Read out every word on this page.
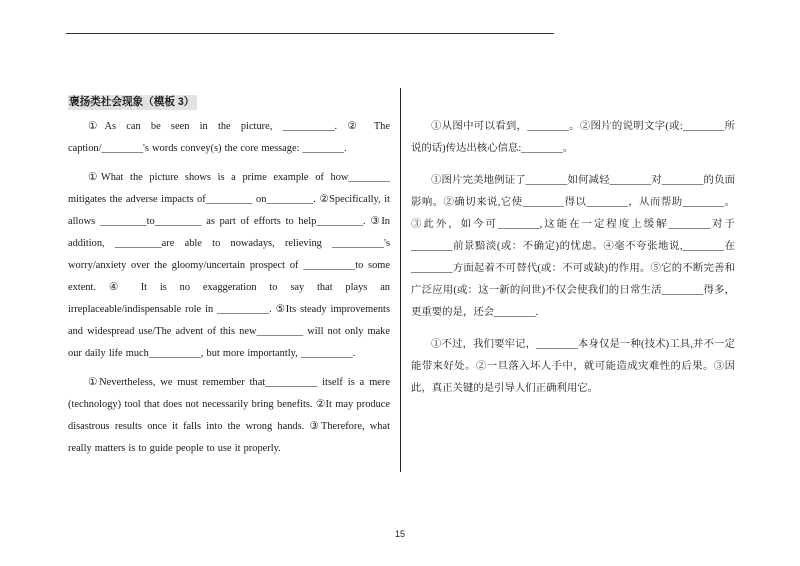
褒扬类社会现象（模板 3）

①As can be seen in the picture, __________. ② The caption/________'s words convey(s) the core message: ________.

①What the picture shows is a prime example of how________ mitigates the adverse impacts of_________ on_________. ②Specifically, it allows _________to_________ as part of efforts to help_________. ③In addition, _________are able to nowadays, relieving __________'s worry/anxiety over the gloomy/uncertain prospect of __________to some extent. ④ It is no exaggeration to say that plays an irreplaceable/indispensable role in __________. ⑤Its steady improvements and widespread use/The advent of this new_________ will not only make our daily life much__________, but more importantly, __________.

①Nevertheless, we must remember that__________ itself is a mere (technology) tool that does not necessarily bring benefits. ②It may produce disastrous results once it falls into the wrong hands. ③Therefore, what really matters is to guide people to use it properly.

①从图中可以看到，________。②图片的说明文字(或:________所说的话)传达出核心信息:________。

①图片完美地例证了________如何减轻________对________的负面影响。②确切来说,它使________得以________，从而帮助________。③此外，如今可________,这能在一定程度上缓解________对于________前景黯淡(或：不确定)的忧虑。④毫不夸张地说,________在________方面起着不可替代(或：不可或缺)的作用。⑤它的不断完善和广泛应用(或：这一新的问世)不仅会使我们的日常生活________得多，更重要的是，还会________.

①不过，我们要牢记，________本身仅是一种(技术)工具,并不一定能带来好处。②一旦落入坏人手中，就可能造成灾难性的后果。③因此，真正关键的是引导人们正确利用它。

15
